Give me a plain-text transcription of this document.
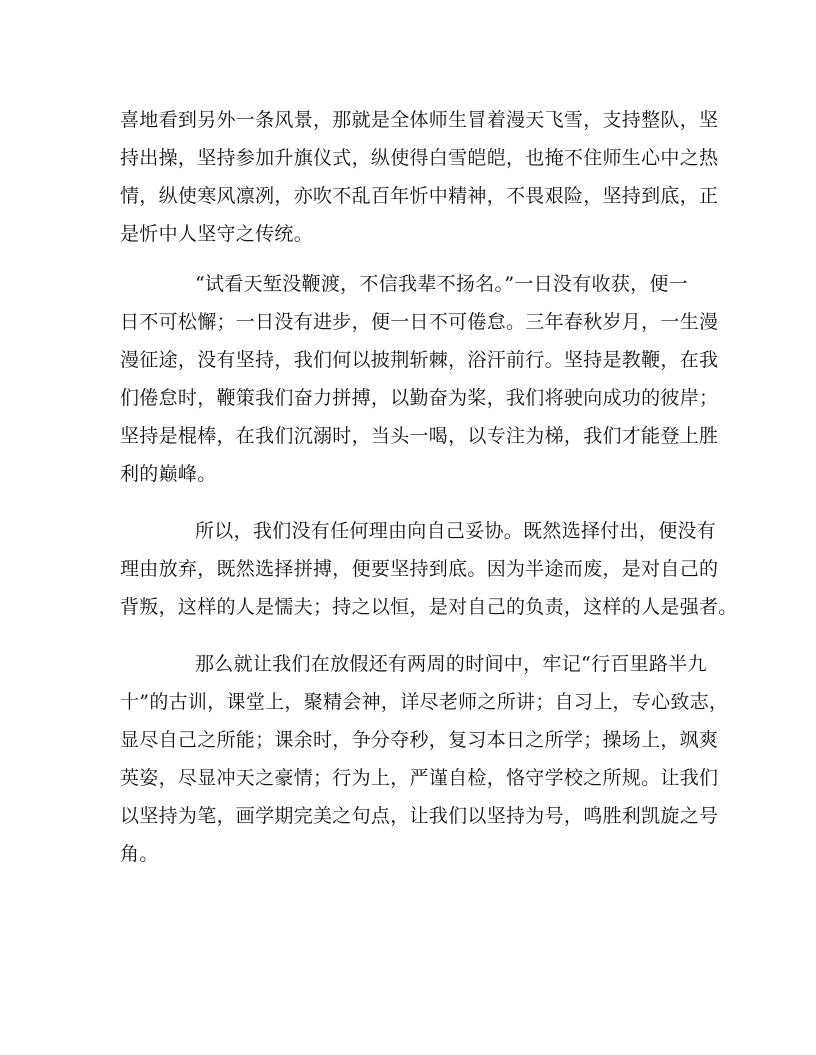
喜地看到另外一条风景，那就是全体师生冒着漫天飞雪，支持整队，坚
持出操，坚持参加升旗仪式，纵使得白雪皑皑，也掩不住师生心中之热
情，纵使寒风凛冽，亦吹不乱百年忻中精神，不畏艰险，坚持到底，正
是忻中人坚守之传统。
“试看天堑没鞭渡，不信我辈不扬名。”一日没有收获，便一
日不可松懈；一日没有进步，便一日不可倦怠。三年春秋岁月，一生漫
漫征途，没有坚持，我们何以披荆斩棘，浴汗前行。坚持是教鞭，在我
们倦怠时，鞭策我们奋力拼搏，以勤奋为桨，我们将驶向成功的彼岸；
坚持是棍棒，在我们沉溺时，当头一喝，以专注为梯，我们才能登上胜
利的巅峰。
所以，我们没有任何理由向自己妥协。既然选择付出，便没有
理由放弃，既然选择拼搏，便要坚持到底。因为半途而废，是对自己的
背叛，这样的人是懦夫；持之以恒，是对自己的负责，这样的人是强者。
那么就让我们在放假还有两周的时间中，牢记“行百里路半九
十”的古训，课堂上，聚精会神，详尽老师之所讲；自习上，专心致志，
显尽自己之所能；课余时，争分夺秒，复习本日之所学；操场上，飒爽
英姿，尽显冲天之豪情；行为上，严谨自检，恪守学校之所规。让我们
以坚持为笔，画学期完美之句点，让我们以坚持为号，鸣胜利凯旋之号
角。
